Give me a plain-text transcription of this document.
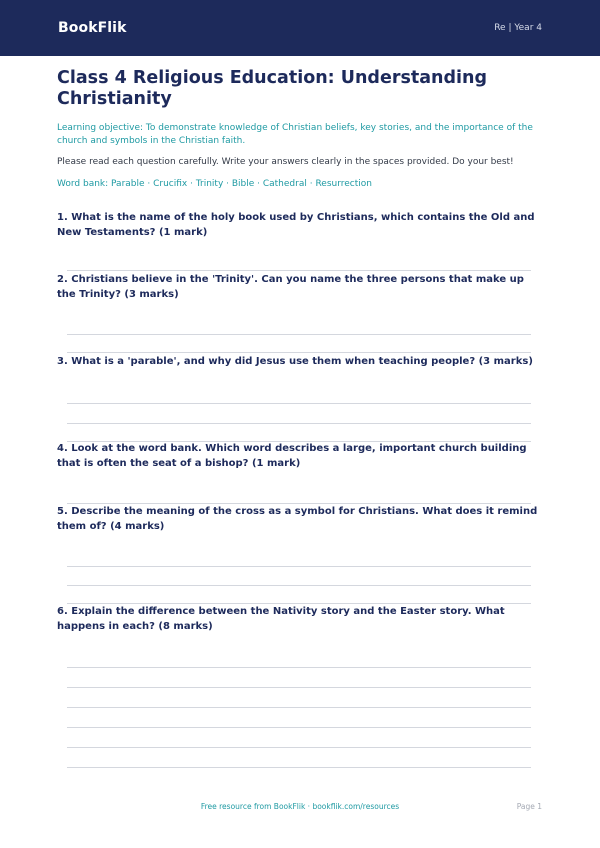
BookFlik	Re | Year 4
Class 4 Religious Education: Understanding Christianity
Learning objective: To demonstrate knowledge of Christian beliefs, key stories, and the importance of the church and symbols in the Christian faith.
Please read each question carefully. Write your answers clearly in the spaces provided. Do your best!
Word bank: Parable · Crucifix · Trinity · Bible · Cathedral · Resurrection
1. What is the name of the holy book used by Christians, which contains the Old and New Testaments? (1 mark)
2. Christians believe in the 'Trinity'. Can you name the three persons that make up the Trinity? (3 marks)
3. What is a 'parable', and why did Jesus use them when teaching people? (3 marks)
4. Look at the word bank. Which word describes a large, important church building that is often the seat of a bishop? (1 mark)
5. Describe the meaning of the cross as a symbol for Christians. What does it remind them of? (4 marks)
6. Explain the difference between the Nativity story and the Easter story. What happens in each? (8 marks)
Free resource from BookFlik · bookflik.com/resources	Page 1
